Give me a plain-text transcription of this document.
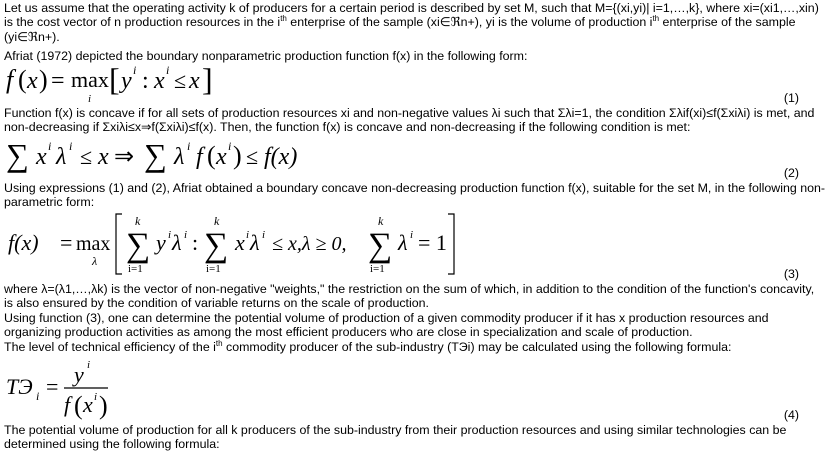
Let us assume that the operating activity k of producers for a certain period is described by set M, such that M={(xi,yi)| i=1,…,k}, where xi=(xi1,…,xin) is the cost vector of n production resources in the $i^{th}$ enterprise of the sample (xi∈ℜn+), yi is the volume of production $i^{th}$ enterprise of the sample (yi∈ℜn+).

Afriat (1972) depicted the boundary nonparametric production function f(x) in the following form:

f ( x ) = max
i
[ y i : x i ≤ x ]
(1)

Function f(x) is concave if for all sets of production resources xi and non-negative values λi such that Σλi=1, the condition Σλif(xi)≤f(Σxiλi) is met, and non-decreasing if Σxiλi≤x⇒f(Σxiλi)≤f(x). Then, the function f(x) is concave and non-decreasing if the following condition is met:

∑ x i λ i ≤ x ⇒ ∑ λ i f ( x i ) ≤ f(x)
(2)

Using expressions (1) and (2), Afriat obtained a boundary concave non-decreasing production function f(x), suitable for the set M, in the following non-parametric form:

f(x) = max
λ
k
∑
i=1
y i λ i :
k
∑
i=1
x i λ i ≤ x,λ ≥ 0,
k
∑
i=1
λ i = 1
(3)

where λ=(λ1,…,λk) is the vector of non-negative "weights," the restriction on the sum of which, in addition to the condition of the function's concavity, is also ensured by the condition of variable returns on the scale of production.

Using function (3), one can determine the potential volume of production of a given commodity producer if it has x production resources and organizing production activities as among the most efficient producers who are close in specialization and scale of production.

The level of technical efficiency of the $i^{th}$ commodity producer of the sub-industry (TЭi) may be calculated using the following formula:

TЭ i = y i
f ( x i )	(4)

The potential volume of production for all k producers of the sub-industry from their production resources and using similar technologies can be determined using the following formula:
